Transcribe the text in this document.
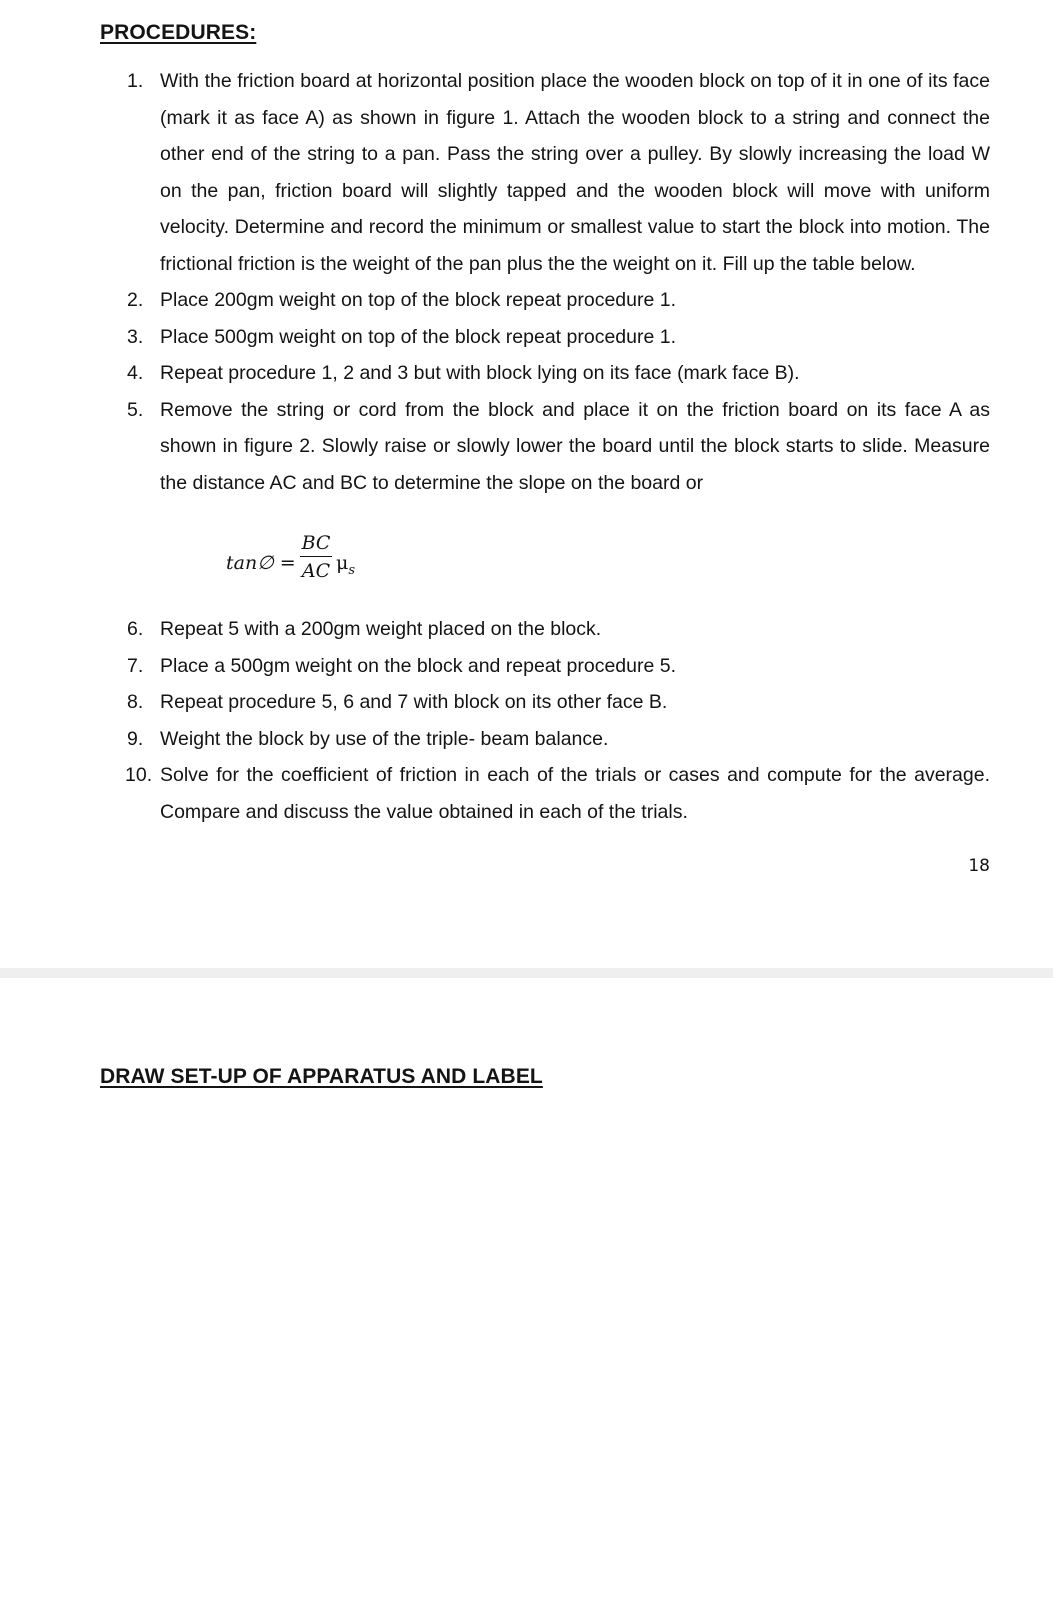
PROCEDURES:
1. With the friction board at horizontal position place the wooden block on top of it in one of its face (mark it as face A) as shown in figure 1. Attach the wooden block to a string and connect the other end of the string to a pan. Pass the string over a pulley. By slowly increasing the load W on the pan, friction board will slightly tapped and the wooden block will move with uniform velocity. Determine and record the minimum or smallest value to start the block into motion. The frictional friction is the weight of the pan plus the the weight on it. Fill up the table below.
2. Place 200gm weight on top of the block repeat procedure 1.
3. Place 500gm weight on top of the block repeat procedure 1.
4. Repeat procedure 1, 2 and 3 but with block lying on its face (mark face B).
5. Remove the string or cord from the block and place it on the friction board on its face A as shown in figure 2. Slowly raise or slowly lower the board until the block starts to slide. Measure the distance AC and BC to determine the slope on the board or
tan∅ =
BC
AC $\mu_s$
6. Repeat 5 with a 200gm weight placed on the block.
7. Place a 500gm weight on the block and repeat procedure 5.
8. Repeat procedure 5, 6 and 7 with block on its other face B.
9. Weight the block by use of the triple- beam balance.
10. Solve for the coefficient of friction in each of the trials or cases and compute for the average. Compare and discuss the value obtained in each of the trials.
18
DRAW SET-UP OF APPARATUS AND LABEL
